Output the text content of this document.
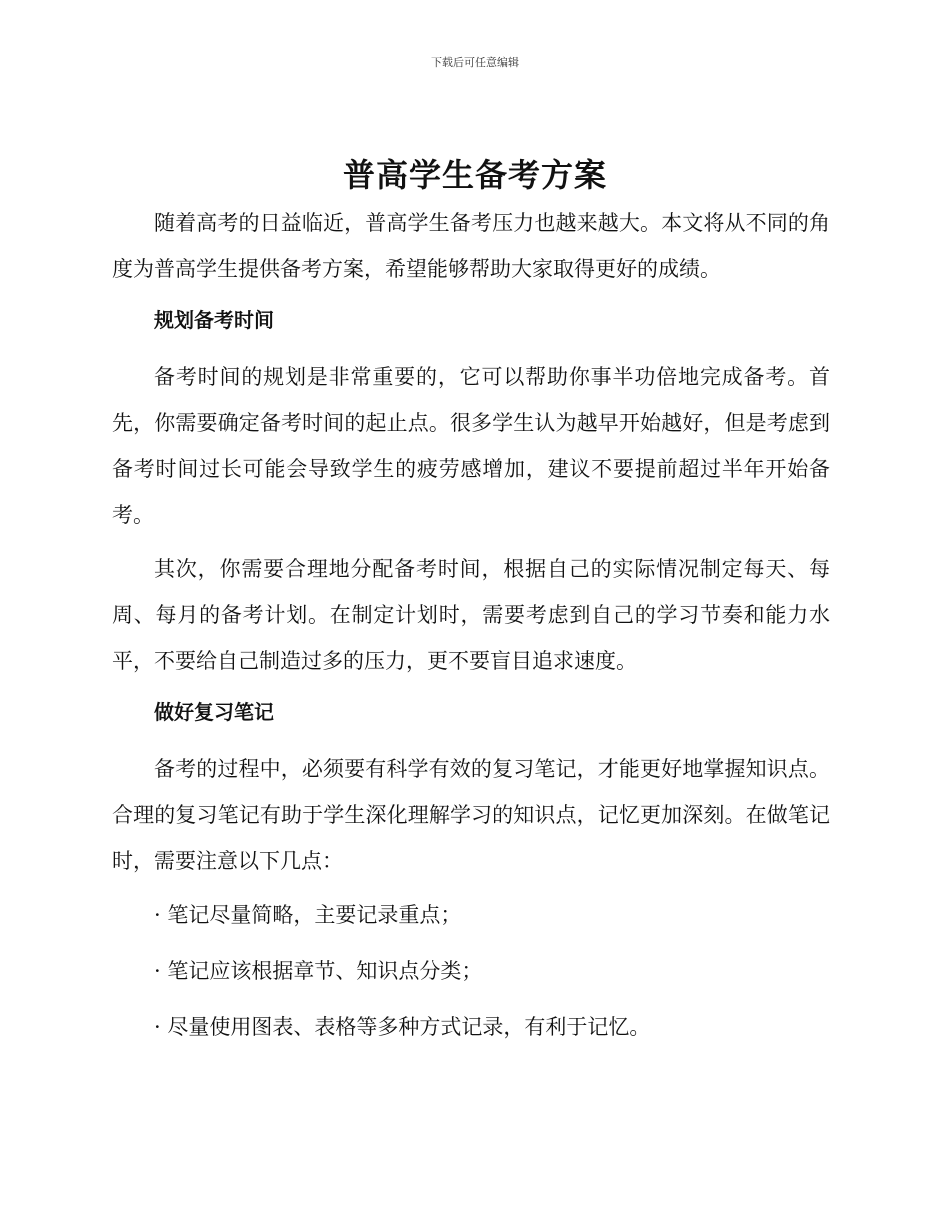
下载后可任意编辑
普高学生备考方案

随着高考的日益临近，普高学生备考压力也越来越大。本文将从不同的角度为普高学生提供备考方案，希望能够帮助大家取得更好的成绩。

规划备考时间

备考时间的规划是非常重要的，它可以帮助你事半功倍地完成备考。首先，你需要确定备考时间的起止点。很多学生认为越早开始越好，但是考虑到备考时间过长可能会导致学生的疲劳感增加，建议不要提前超过半年开始备考。

其次，你需要合理地分配备考时间，根据自己的实际情况制定每天、每周、每月的备考计划。在制定计划时，需要考虑到自己的学习节奏和能力水平，不要给自己制造过多的压力，更不要盲目追求速度。

做好复习笔记

备考的过程中，必须要有科学有效的复习笔记，才能更好地掌握知识点。合理的复习笔记有助于学生深化理解学习的知识点，记忆更加深刻。在做笔记时，需要注意以下几点：

· 笔记尽量简略，主要记录重点；
· 笔记应该根据章节、知识点分类；
· 尽量使用图表、表格等多种方式记录，有利于记忆。
